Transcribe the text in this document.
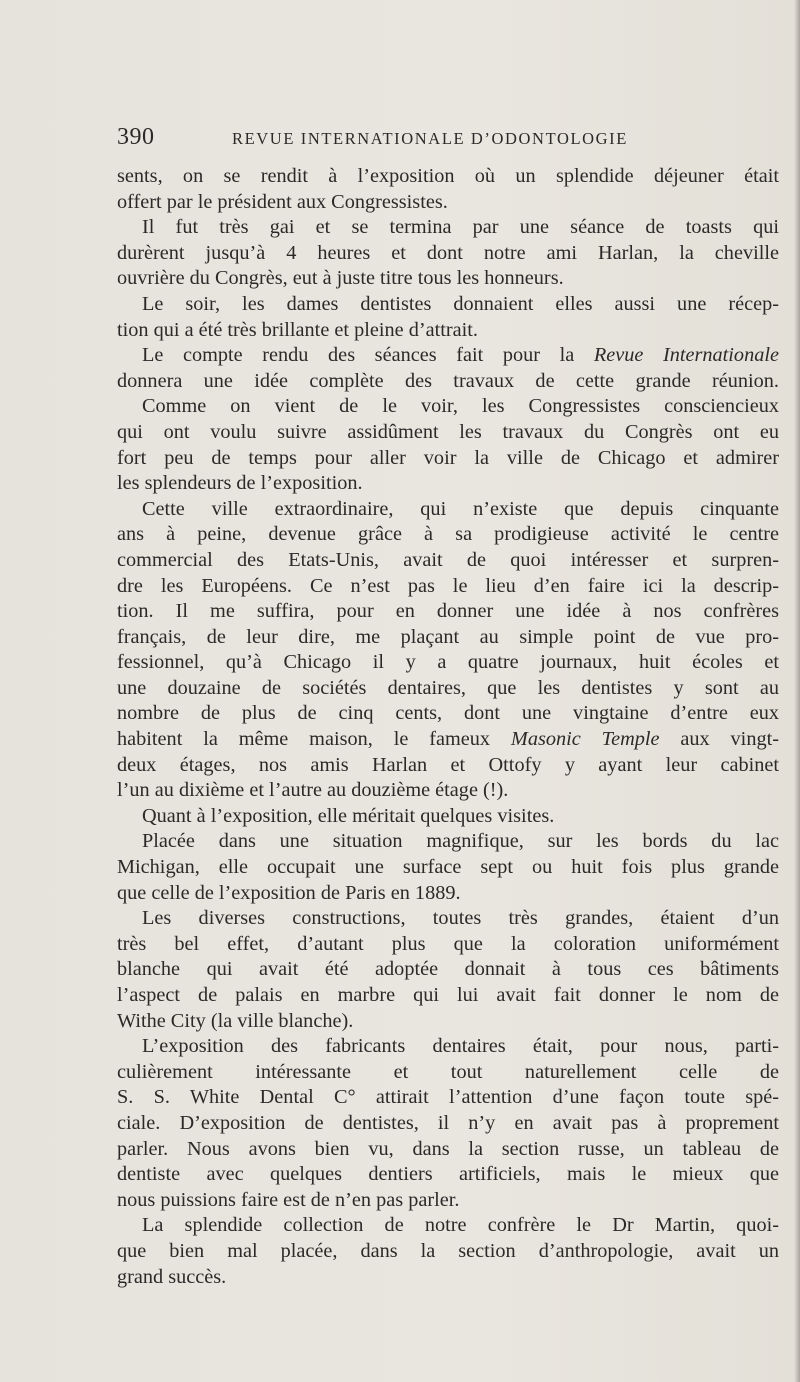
390	REVUE INTERNATIONALE D’ODONTOLOGIE
sents, on se rendit à l’exposition où un splendide déjeuner était
offert par le président aux Congressistes.
Il fut très gai et se termina par une séance de toasts qui
durèrent jusqu’à 4 heures et dont notre ami Harlan, la cheville
ouvrière du Congrès, eut à juste titre tous les honneurs.
Le soir, les dames dentistes donnaient elles aussi une récep-
tion qui a été très brillante et pleine d’attrait.
Le compte rendu des séances fait pour la Revue Internationale
donnera une idée complète des travaux de cette grande réunion.
Comme on vient de le voir, les Congressistes consciencieux
qui ont voulu suivre assidûment les travaux du Congrès ont eu
fort peu de temps pour aller voir la ville de Chicago et admirer
les splendeurs de l’exposition.
Cette ville extraordinaire, qui n’existe que depuis cinquante
ans à peine, devenue grâce à sa prodigieuse activité le centre
commercial des Etats-Unis, avait de quoi intéresser et surpren-
dre les Européens. Ce n’est pas le lieu d’en faire ici la descrip-
tion. Il me suffira, pour en donner une idée à nos confrères
français, de leur dire, me plaçant au simple point de vue pro-
fessionnel, qu’à Chicago il y a quatre journaux, huit écoles et
une douzaine de sociétés dentaires, que les dentistes y sont au
nombre de plus de cinq cents, dont une vingtaine d’entre eux
habitent la même maison, le fameux Masonic Temple aux vingt-
deux étages, nos amis Harlan et Ottofy y ayant leur cabinet
l’un au dixième et l’autre au douzième étage (!).
Quant à l’exposition, elle méritait quelques visites.
Placée dans une situation magnifique, sur les bords du lac
Michigan, elle occupait une surface sept ou huit fois plus grande
que celle de l’exposition de Paris en 1889.
Les diverses constructions, toutes très grandes, étaient d’un
très bel effet, d’autant plus que la coloration uniformément
blanche qui avait été adoptée donnait à tous ces bâtiments
l’aspect de palais en marbre qui lui avait fait donner le nom de
Withe City (la ville blanche).
L’exposition des fabricants dentaires était, pour nous, parti-
culièrement intéressante et tout naturellement celle de
S. S. White Dental C° attirait l’attention d’une façon toute spé-
ciale. D’exposition de dentistes, il n’y en avait pas à proprement
parler. Nous avons bien vu, dans la section russe, un tableau de
dentiste avec quelques dentiers artificiels, mais le mieux que
nous puissions faire est de n’en pas parler.
La splendide collection de notre confrère le Dr Martin, quoi-
que bien mal placée, dans la section d’anthropologie, avait un
grand succès.
